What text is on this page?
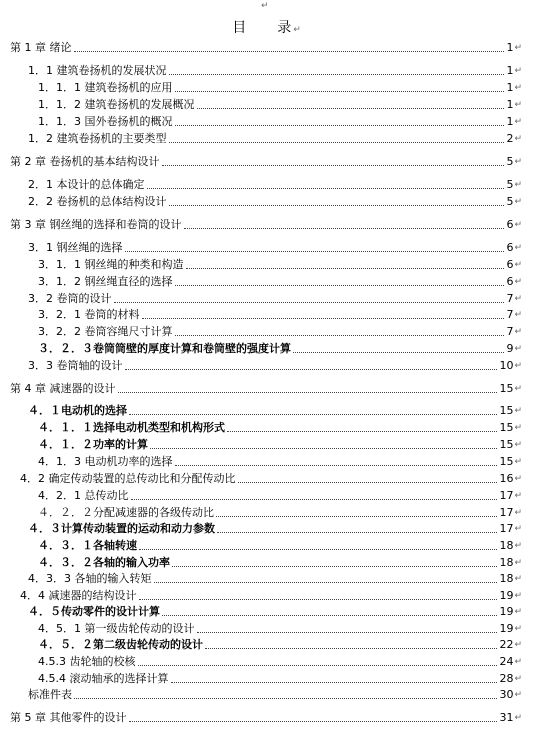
↵
目 录↵
第 1 章 绪论	1 ↵
1．1 建筑卷扬机的发展状况	1 ↵
1．1．1 建筑卷扬机的应用	1 ↵
1．1．2 建筑卷扬机的发展概况	1 ↵
1．1．3 国外卷扬机的概况	1 ↵
1．2 建筑卷扬机的主要类型	2 ↵
第 2 章 卷扬机的基本结构设计	5 ↵
2．1 本设计的总体确定	5 ↵
2．2 卷扬机的总体结构设计	5 ↵
第 3 章 钢丝绳的选择和卷筒的设计	6 ↵
3．1 钢丝绳的选择	6 ↵
3．1．1 钢丝绳的种类和构造	6 ↵
3．1．2 钢丝绳直径的选择	6 ↵
3．2 卷筒的设计	7 ↵
3．2．1 卷筒的材料	7 ↵
3．2．2 卷筒容绳尺寸计算	7 ↵
３．２．３卷筒筒壁的厚度计算和卷筒壁的强度计算	9 ↵
3．3 卷筒轴的设计	10 ↵
第 4 章 减速器的设计	15 ↵
４．１电动机的选择	15 ↵
４．１．１选择电动机类型和机构形式	15 ↵
４．１．２功率的计算	15 ↵
4．1．3 电动机功率的选择	15 ↵
4．2 确定传动装置的总传动比和分配传动比	16 ↵
4．2．1 总传动比	17 ↵
４．２．２分配减速器的各级传动比	17 ↵
４．３计算传动装置的运动和动力参数	17 ↵
４．３．１各轴转速	18 ↵
４．３．２各轴的输入功率	18 ↵
4．3．3 各轴的输入转矩	18 ↵
4．4 减速器的结构设计	19 ↵
４．５传动零件的设计计算	19 ↵
4．5．1 第一级齿轮传动的设计	19 ↵
４．５．２第二级齿轮传动的设计	22 ↵
4.5.3 齿轮轴的校核	24 ↵
4.5.4 滚动轴承的选择计算	28 ↵
标准件表	30 ↵
第 5 章 其他零件的设计	31 ↵
